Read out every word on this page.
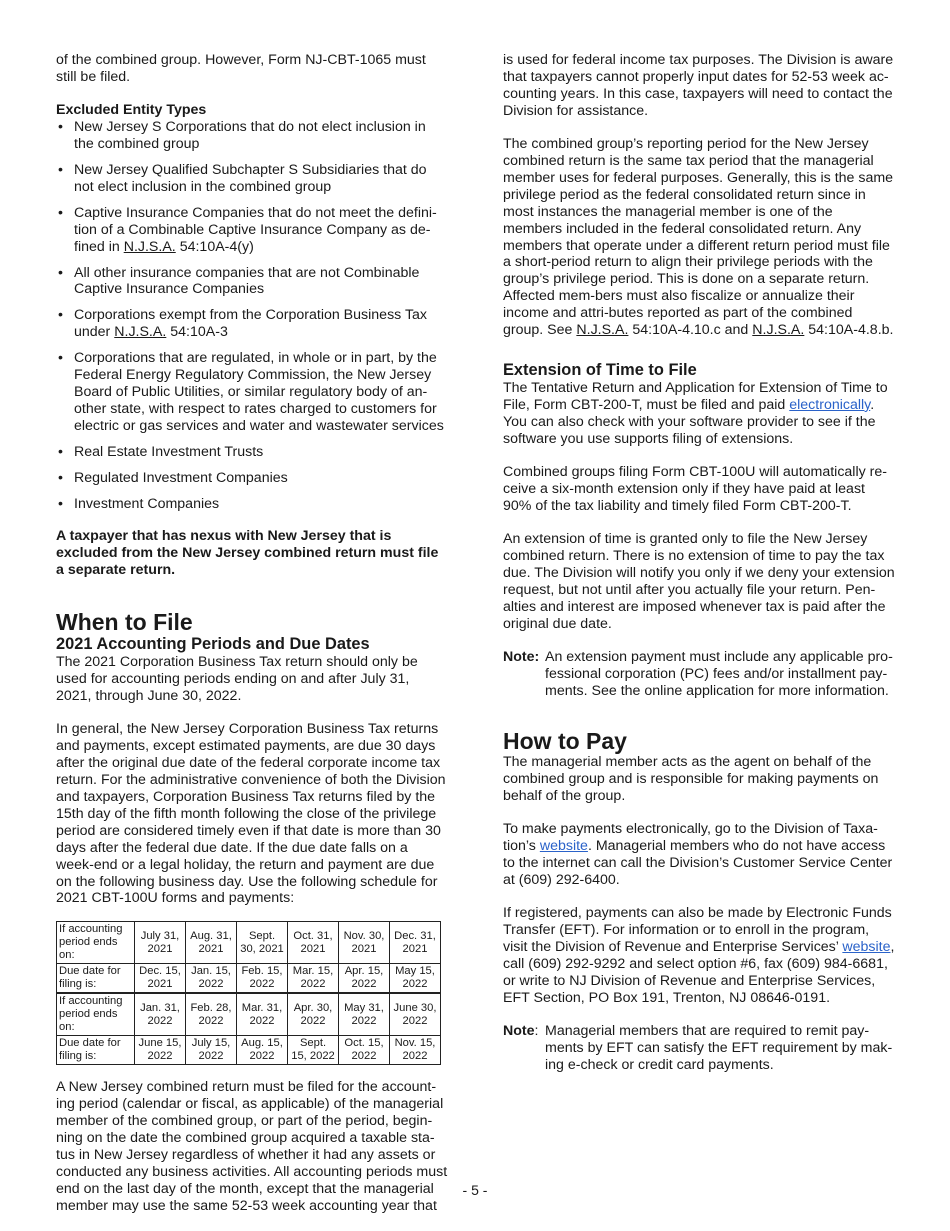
of the combined group. However, Form NJ-CBT-1065 must still be filed.

Excluded Entity Types
• New Jersey S Corporations that do not elect inclusion in the combined group
• New Jersey Qualified Subchapter S Subsidiaries that do not elect inclusion in the combined group
• Captive Insurance Companies that do not meet the defini-tion of a Combinable Captive Insurance Company as de-fined in N.J.S.A. 54:10A-4(y)
• All other insurance companies that are not Combinable Captive Insurance Companies
• Corporations exempt from the Corporation Business Tax under N.J.S.A. 54:10A-3
• Corporations that are regulated, in whole or in part, by the Federal Energy Regulatory Commission, the New Jersey Board of Public Utilities, or similar regulatory body of an-other state, with respect to rates charged to customers for electric or gas services and water and wastewater services
• Real Estate Investment Trusts
• Regulated Investment Companies
• Investment Companies

A taxpayer that has nexus with New Jersey that is excluded from the New Jersey combined return must file a separate return.

When to File
2021 Accounting Periods and Due Dates

The 2021 Corporation Business Tax return should only be used for accounting periods ending on and after July 31, 2021, through June 30, 2022.

In general, the New Jersey Corporation Business Tax returns and payments, except estimated payments, are due 30 days after the original due date of the federal corporate income tax return. For the administrative convenience of both the Division and taxpayers, Corporation Business Tax returns filed by the 15th day of the fifth month following the close of the privilege period are considered timely even if that date is more than 30 days after the federal due date. If the due date falls on a week-end or a legal holiday, the return and payment are due on the following business day. Use the following schedule for 2021 CBT-100U forms and payments:

If accounting period ends on:	July 31, 2021	Aug. 31, 2021	Sept. 30, 2021	Oct. 31, 2021	Nov. 30, 2021	Dec. 31, 2021
Due date for filing is:	Dec. 15, 2021	Jan. 15, 2022	Feb. 15, 2022	Mar. 15, 2022	Apr. 15, 2022	May 15, 2022
If accounting period ends on:	Jan. 31, 2022	Feb. 28, 2022	Mar. 31, 2022	Apr. 30, 2022	May 31, 2022	June 30, 2022
Due date for filing is:	June 15, 2022	July 15, 2022	Aug. 15, 2022	Sept. 15, 2022	Oct. 15, 2022	Nov. 15, 2022

A New Jersey combined return must be filed for the account-ing period (calendar or fiscal, as applicable) of the managerial member of the combined group, or part of the period, begin-ning on the date the combined group acquired a taxable sta-tus in New Jersey regardless of whether it had any assets or conducted any business activities. All accounting periods must end on the last day of the month, except that the managerial member may use the same 52-53 week accounting year that

is used for federal income tax purposes. The Division is aware that taxpayers cannot properly input dates for 52-53 week ac-counting years. In this case, taxpayers will need to contact the Division for assistance.

The combined group’s reporting period for the New Jersey combined return is the same tax period that the managerial member uses for federal purposes. Generally, this is the same privilege period as the federal consolidated return since in most instances the managerial member is one of the members included in the federal consolidated return. Any members that operate under a different return period must file a short-period return to align their privilege periods with the group’s privilege period. This is done on a separate return. Affected mem-bers must also fiscalize or annualize their income and attri-butes reported as part of the combined group. See N.J.S.A. 54:10A-4.10.c and N.J.S.A. 54:10A-4.8.b.

Extension of Time to File

The Tentative Return and Application for Extension of Time to File, Form CBT-200-T, must be filed and paid electronically. You can also check with your software provider to see if the software you use supports filing of extensions.

Combined groups filing Form CBT-100U will automatically re-ceive a six-month extension only if they have paid at least 90% of the tax liability and timely filed Form CBT-200-T.

An extension of time is granted only to file the New Jersey combined return. There is no extension of time to pay the tax due. The Division will notify you only if we deny your extension request, but not until after you actually file your return. Pen-alties and interest are imposed whenever tax is paid after the original due date.

Note: An extension payment must include any applicable pro-fessional corporation (PC) fees and/or installment pay-ments. See the online application for more information.
How to Pay

The managerial member acts as the agent on behalf of the combined group and is responsible for making payments on behalf of the group.

To make payments electronically, go to the Division of Taxa-tion’s website. Managerial members who do not have access to the internet can call the Division’s Customer Service Center at (609) 292-6400.

If registered, payments can also be made by Electronic Funds Transfer (EFT). For information or to enroll in the program, visit the Division of Revenue and Enterprise Services’ website, call (609) 292-9292 and select option #6, fax (609) 984-6681, or write to NJ Division of Revenue and Enterprise Services, EFT Section, PO Box 191, Trenton, NJ 08646-0191.

Note: Managerial members that are required to remit pay-ments by EFT can satisfy the EFT requirement by mak-ing e-check or credit card payments.
- 5 -
